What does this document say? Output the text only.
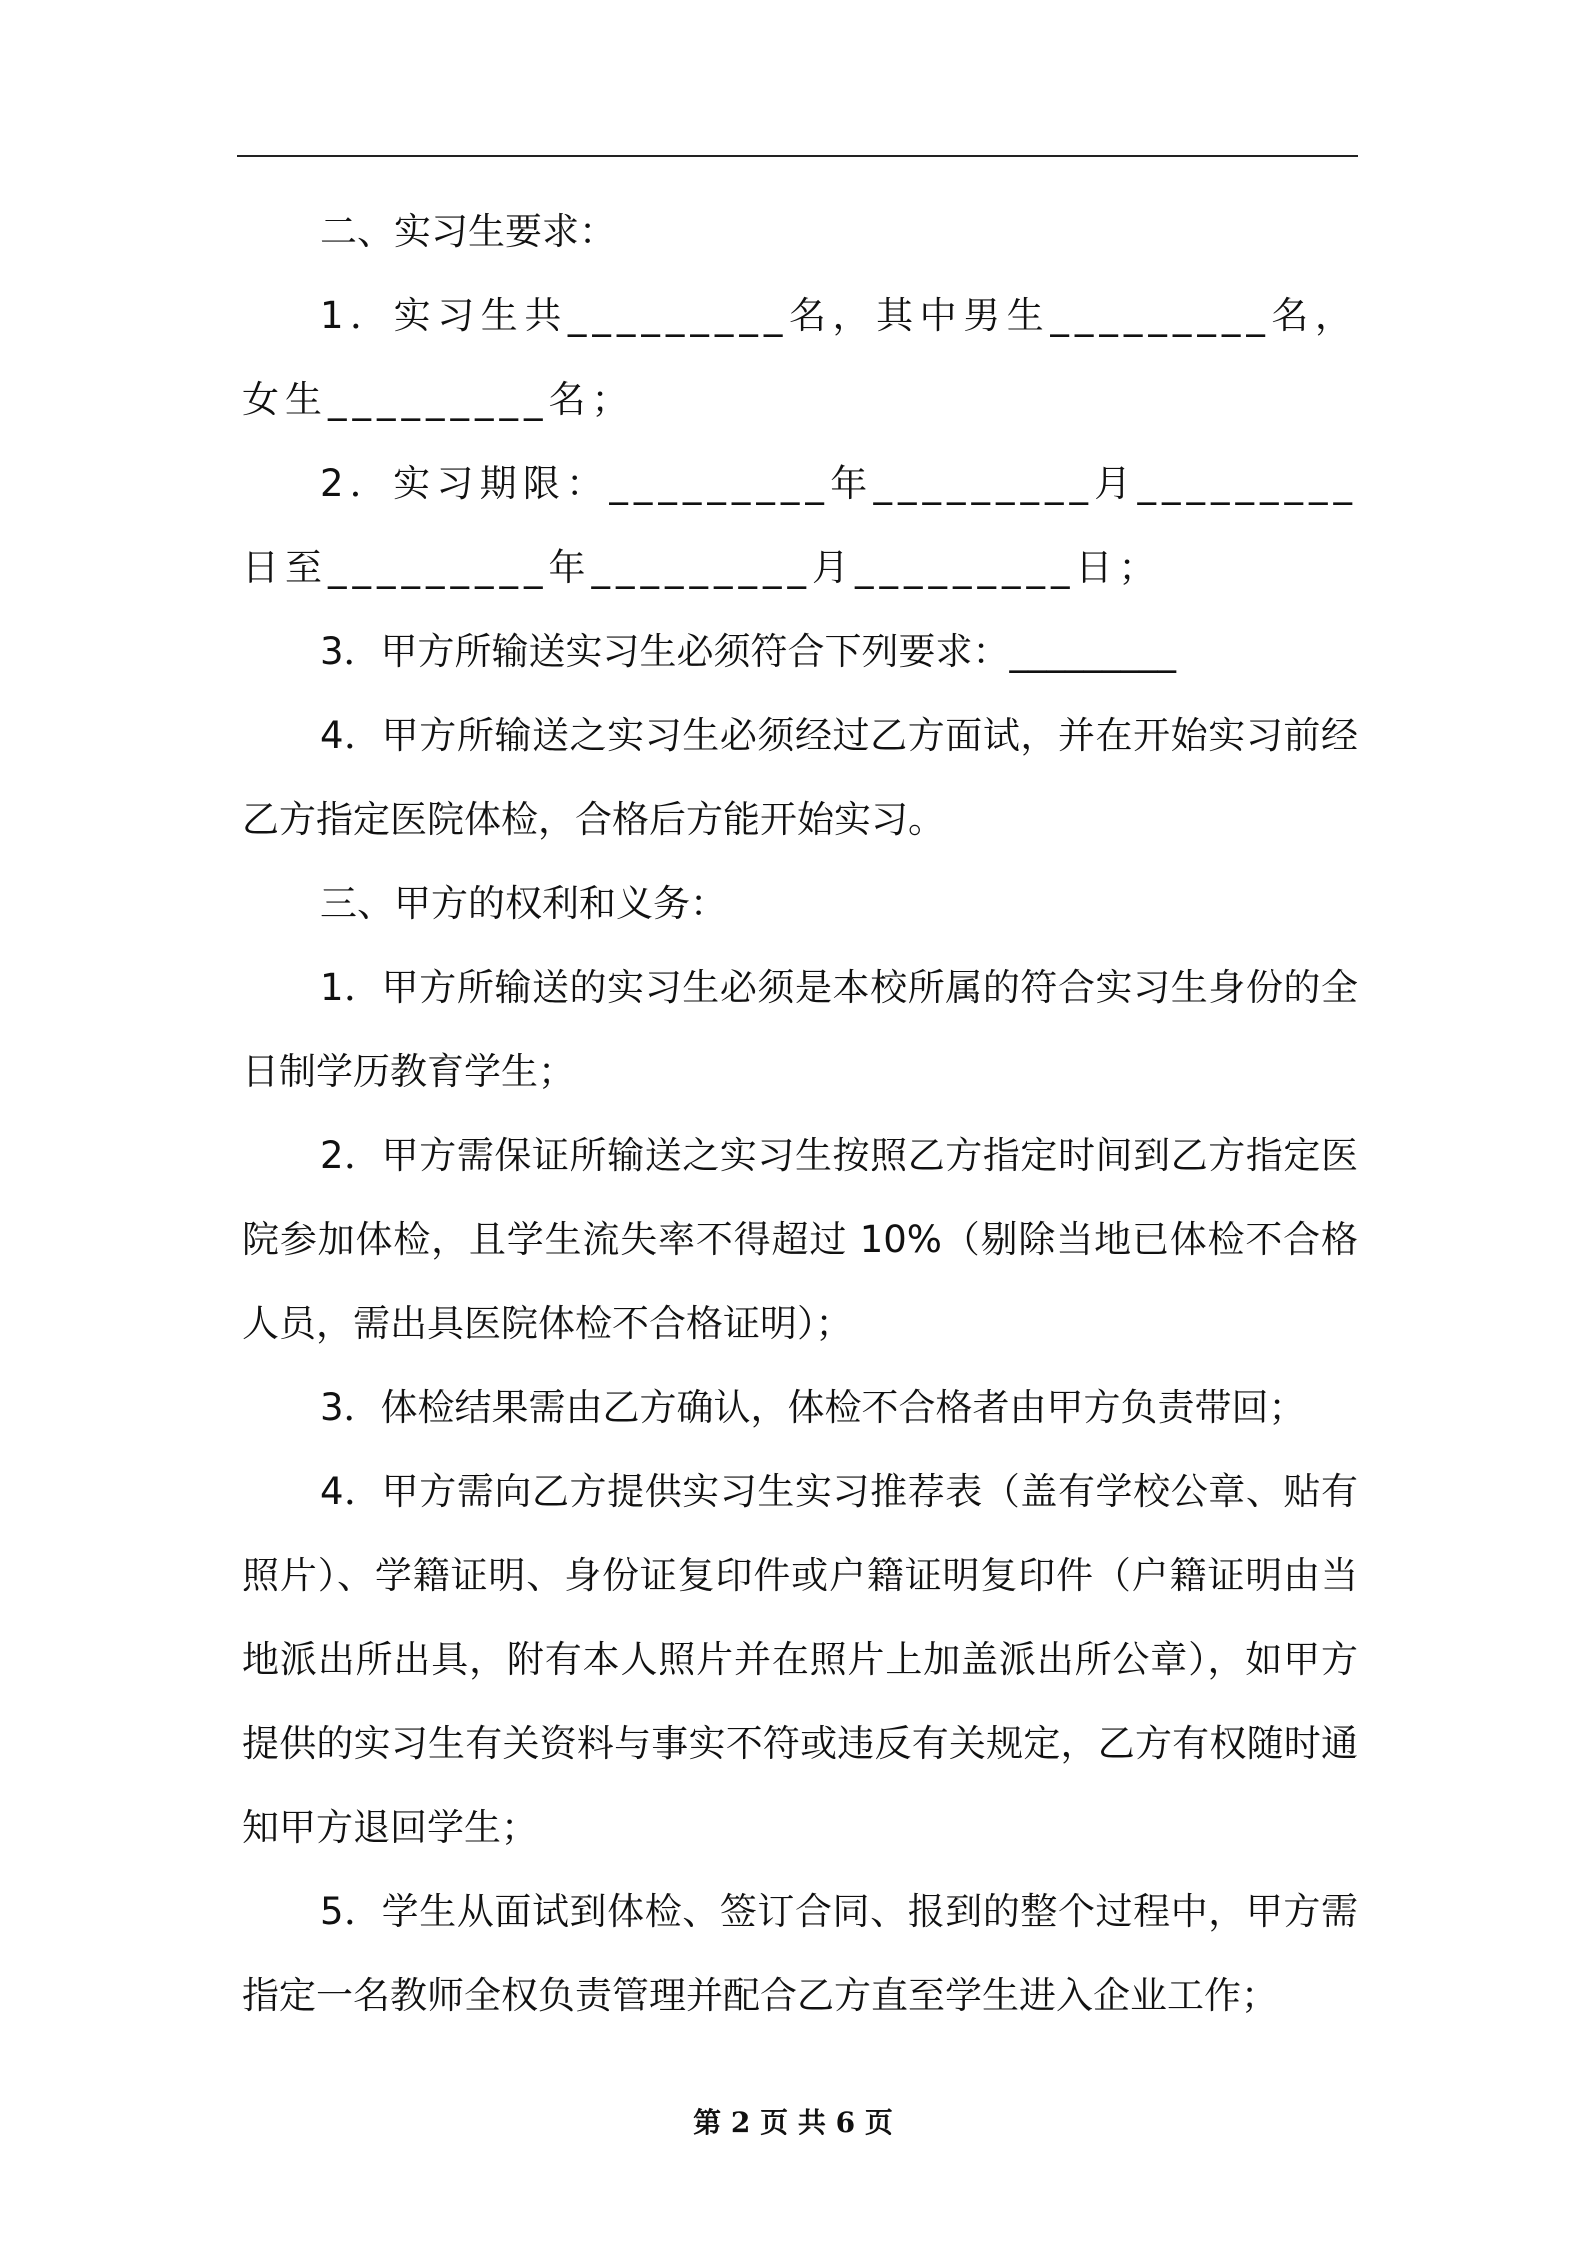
二、实习生要求：

1．实习生共_________名，其中男生_________名，女生_________名；

2．实习期限：_________年_________月_________日至_________年_________月_________日；

3．甲方所输送实习生必须符合下列要求：_________

4．甲方所输送之实习生必须经过乙方面试，并在开始实习前经乙方指定医院体检，合格后方能开始实习。

三、甲方的权利和义务：

1．甲方所输送的实习生必须是本校所属的符合实习生身份的全日制学历教育学生；

2．甲方需保证所输送之实习生按照乙方指定时间到乙方指定医院参加体检，且学生流失率不得超过 10%（剔除当地已体检不合格人员，需出具医院体检不合格证明）；

3．体检结果需由乙方确认，体检不合格者由甲方负责带回；

4．甲方需向乙方提供实习生实习推荐表（盖有学校公章、贴有照片）、学籍证明、身份证复印件或户籍证明复印件（户籍证明由当地派出所出具，附有本人照片并在照片上加盖派出所公章），如甲方提供的实习生有关资料与事实不符或违反有关规定，乙方有权随时通知甲方退回学生；

5．学生从面试到体检、签订合同、报到的整个过程中，甲方需指定一名教师全权负责管理并配合乙方直至学生进入企业工作；

第 2 页 共 6 页
